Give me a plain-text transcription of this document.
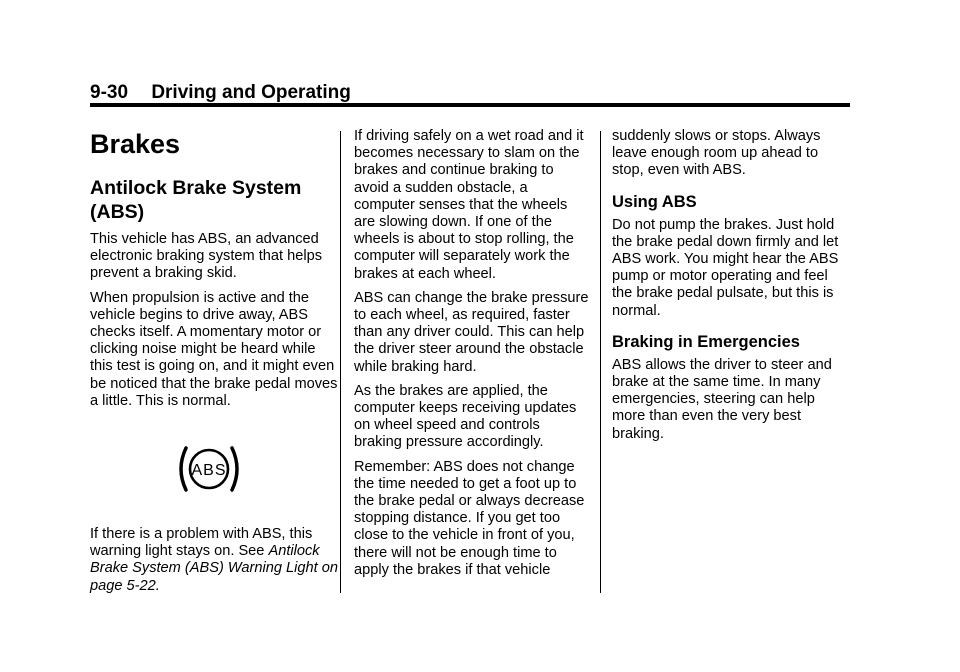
9-30 Driving and Operating
Brakes
Antilock Brake System (ABS)

This vehicle has ABS, an advanced electronic braking system that helps prevent a braking skid.

When propulsion is active and the vehicle begins to drive away, ABS checks itself. A momentary motor or clicking noise might be heard while this test is going on, and it might even be noticed that the brake pedal moves a little. This is normal.

ABS

If there is a problem with ABS, this warning light stays on. See Antilock Brake System (ABS) Warning Light on page 5-22.

If driving safely on a wet road and it becomes necessary to slam on the brakes and continue braking to avoid a sudden obstacle, a computer senses that the wheels are slowing down. If one of the wheels is about to stop rolling, the computer will separately work the brakes at each wheel.

ABS can change the brake pressure to each wheel, as required, faster than any driver could. This can help the driver steer around the obstacle while braking hard.

As the brakes are applied, the computer keeps receiving updates on wheel speed and controls braking pressure accordingly.

Remember: ABS does not change the time needed to get a foot up to the brake pedal or always decrease stopping distance. If you get too close to the vehicle in front of you, there will not be enough time to apply the brakes if that vehicle

suddenly slows or stops. Always leave enough room up ahead to stop, even with ABS.

Using ABS

Do not pump the brakes. Just hold the brake pedal down firmly and let ABS work. You might hear the ABS pump or motor operating and feel the brake pedal pulsate, but this is normal.

Braking in Emergencies

ABS allows the driver to steer and brake at the same time. In many emergencies, steering can help more than even the very best braking.
